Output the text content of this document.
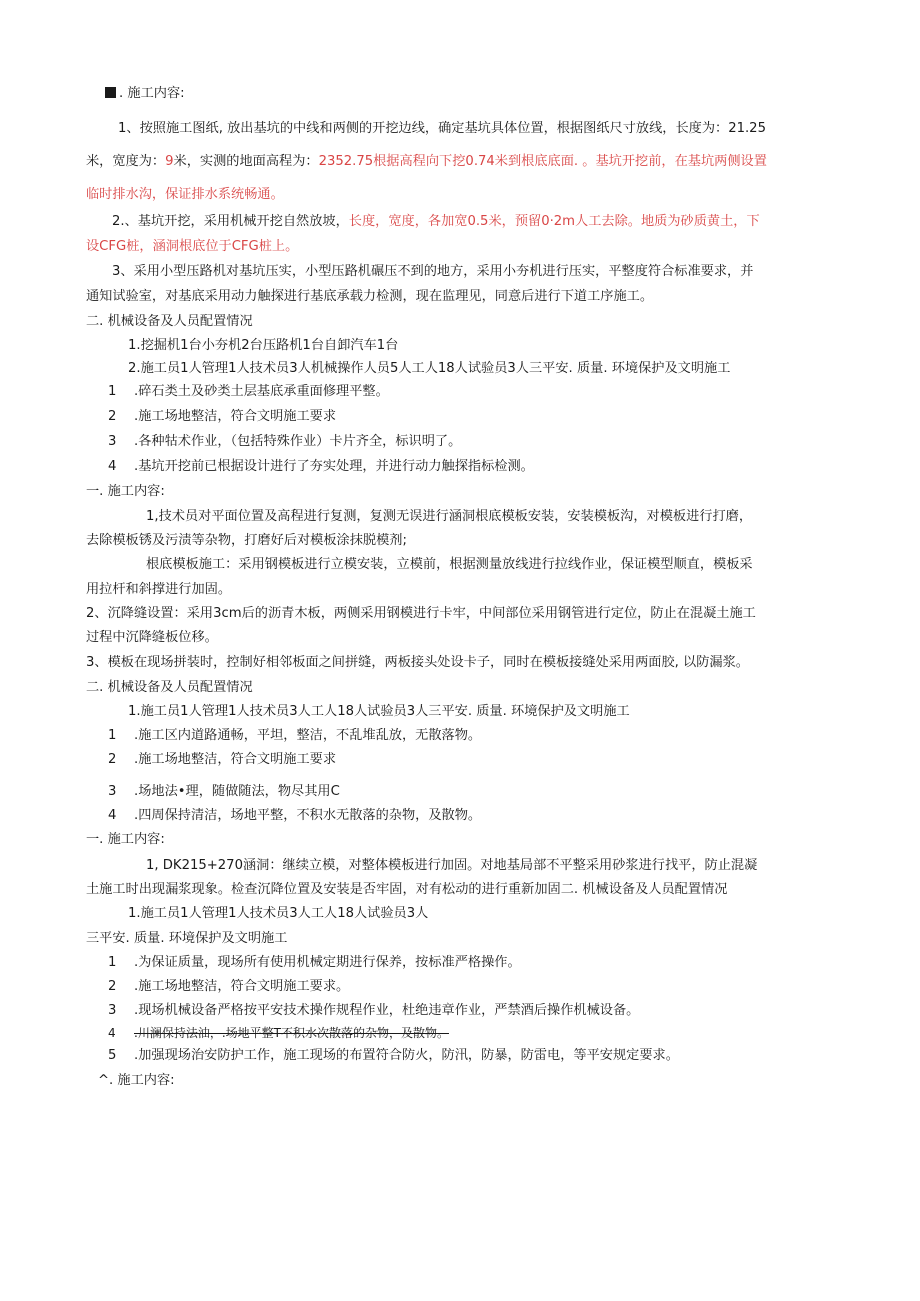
. 施工内容:
1、按照施工图纸, 放出基坑的中线和两侧的开挖边线，确定基坑具体位置，根据图纸尺寸放线，长度为：21.25
米，宽度为：9米，实测的地面高程为：2352.75根据高程向下挖0.74米到根底底面. 。基坑开挖前，在基坑两侧设置
临时排水沟，保证排水系统畅通。
2.、基坑开挖，采用机械开挖自然放坡，长度，宽度，各加宽0.5米，预留0·2m人工去除。地质为砂质黄土，下
设CFG桩，涵洞根底位于CFG桩上。
3、采用小型压路机对基坑压实，小型压路机碾压不到的地方，采用小夯机进行压实，平整度符合标准要求，并
通知试验室，对基底采用动力触探进行基底承载力检测，现在监理见，同意后进行下道工序施工。
二. 机械设备及人员配置情况
1.挖掘机1台小夯机2台压路机1台自卸汽车1台
2.施工员1人管理1人技术员3人机械操作人员5人工人18人试验员3人三平安. 质量. 环境保护及文明施工
1 .碎石类土及砂类土层基底承重面修理平整。
2 .施工场地整洁，符合文明施工要求
3 .各种牯术作业，（包括特殊作业）卡片齐全，标识明了。
4 .基坑开挖前已根据设计进行了夯实处理，并进行动力触探指标检测。
一. 施工内容:
1,技术员对平面位置及高程进行复测，复测无误进行涵洞根底模板安装，安装模板沟，对模板进行打磨，
去除模板锈及污渍等杂物，打磨好后对模板涂抹脱模剂;
根底模板施工：采用钢模板进行立模安装，立模前，根据测量放线进行拉线作业，保证模型顺直，模板采
用拉杆和斜撑进行加固。
2、沉降缝设置：采用3cm后的沥青木板，两侧采用钢模进行卡牢，中间部位采用钢管进行定位，防止在混凝土施工
过程中沉降缝板位移。
3、模板在现场拼装时，控制好相邻板面之间拼缝，两板接头处设卡子，同时在模板接缝处采用两面胶, 以防漏浆。
二. 机械设备及人员配置情况
1.施工员1人管理1人技术员3人工人18人试验员3人三平安. 质量. 环境保护及文明施工
1 .施工区内道路通畅，平坦，整洁，不乱堆乱放，无散落物。
2 .施工场地整洁，符合文明施工要求
3 .场地法•理，随做随法，物尽其用C
4 .四周保持清洁，场地平整，不积水无散落的杂物，及散物。
一. 施工内容:
1, DK215+270涵洞：继续立模，对整体模板进行加固。对地基局部不平整采用砂浆进行找平，防止混凝
土施工时出现漏浆现象。检查沉降位置及安装是否牢固，对有松动的进行重新加固二. 机械设备及人员配置情况
1.施工员1人管理1人技术员3人工人18人试验员3人
三平安. 质量. 环境保护及文明施工
1 .为保证质量，现场所有使用机械定期进行保养，按标准严格操作。
2 .施工场地整洁，符合文明施工要求。
3 .现场机械设备严格按平安技术操作规程作业，杜绝违章作业，严禁酒后操作机械设备。
4 .川澜保持法油，.场地平整T不积水次散落的杂物，及散物。
5 .加强现场治安防护工作，施工现场的布置符合防火，防汛，防暴，防雷电，等平安规定要求。
^. 施工内容:
